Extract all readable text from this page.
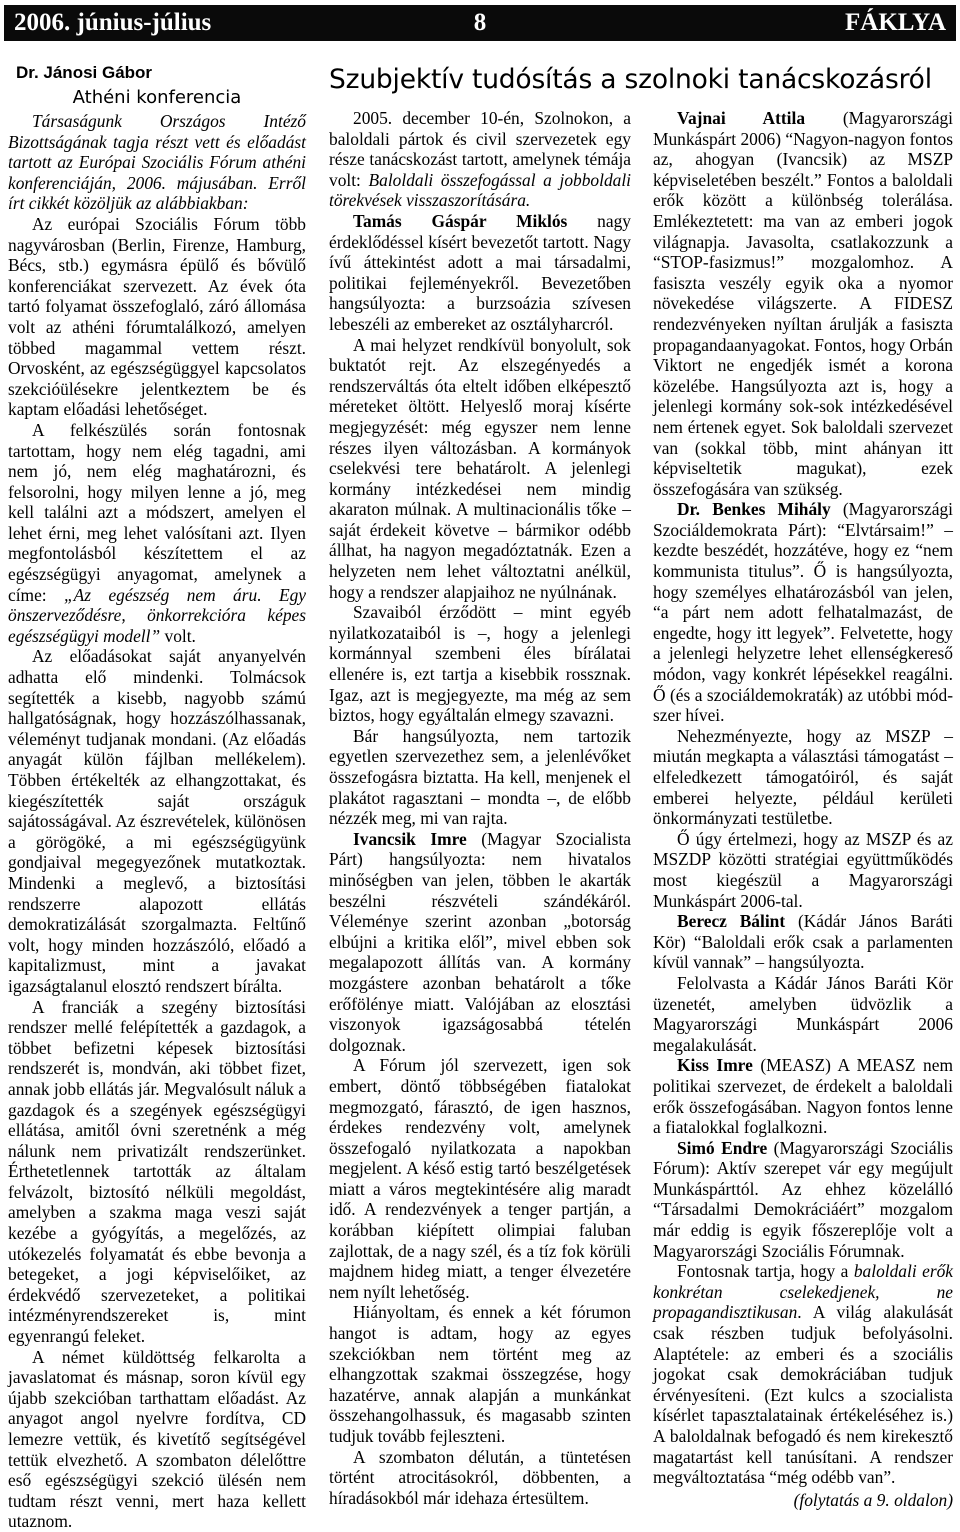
2006. június-július	8	FÁKLYA
Dr. Jánosi Gábor
Athéni konferencia

Társaságunk Országos Intéző Bizottságának tagja részt vett és előadást tartott az Európai Szociális Fórum athéni konferenciáján, 2006. májusában. Erről írt cikkét közöljük az alábbiakban:

Az európai Szociális Fórum több nagyvárosban (Berlin, Firenze, Hamburg, Bécs, stb.) egymásra épülő és bővülő konferenciákat szervezett. Az évek óta tartó folyamat összefoglaló, záró állomása volt az athéni fórumtalálkozó, amelyen többed magammal vettem részt. Orvosként, az egészségüggyel kapcsolatos szekcióülésekre jelentkeztem be és kaptam előadási lehetőséget.

A felkészülés során fontosnak tartottam, hogy nem elég tagadni, ami nem jó, nem elég maghatározni, és felsorolni, hogy milyen lenne a jó, meg kell találni azt a módszert, amelyen el lehet érni, meg lehet valósítani azt. Ilyen megfontolásból készítettem el az egészségügyi anyagomat, amelynek a címe: „Az egészség nem áru. Egy önszerveződésre, önkorrekcióra képes egészségügyi modell” volt.

Az előadásokat saját anyanyelvén adhatta elő mindenki. Tolmácsok segítették a kisebb, nagyobb számú hallgatóságnak, hogy hozzászólhassanak, véleményt tudjanak mondani. (Az előadás anyagát külön fájlban mellékelem). Többen értékelték az elhangzottakat, és kiegészítették saját országuk sajátosságával. Az észrevételek, különösen a görögöké, a mi egészségügyünk gondjaival megegyezőnek mutatkoztak. Mindenki a meglevő, a biztosítási rendszerre alapozott ellátás demokratizálását szorgalmazta. Feltűnő volt, hogy minden hozzászóló, előadó a kapitalizmust, mint a javakat igazságtalanul elosztó rendszert bírálta.

A franciák a szegény biztosítási rendszer mellé felépítették a gazdagok, a többet befizetni képesek biztosítási rendszerét is, mondván, aki többet fizet, annak jobb ellátás jár. Megvalósult náluk a gazdagok és a szegények egészségügyi ellátása, amitől óvni szeretnénk a még nálunk nem privatizált rendszerünket. Érthetetlennek tartották az általam felvázolt, biztosító nélküli megoldást, amelyben a szakma maga veszi saját kezébe a gyógyítás, a megelőzés, az utókezelés folyamatát és ebbe bevonja a betegeket, a jogi képviselőiket, az érdekvédő szervezeteket, a politikai intézményrendszereket is, mint egyenrangú feleket.

A német küldöttség felkarolta a javaslatomat és másnap, soron kívül egy újabb szekcióban tarthattam előadást. Az anyagot angol nyelvre fordítva, CD lemezre vettük, és kivetítő segítségével tettük elvezhető. A szombaton délelőttre eső egészségügyi szekció ülésén nem tudtam részt venni, mert haza kellett utaznom.

Szubjektív tudósítás a szolnoki tanácskozásról

2005. december 10-én, Szolnokon, a baloldali pártok és civil szervezetek egy része tanácskozást tartott, amelynek témája volt: Baloldali összefogással a jobboldali törekvések visszaszorítására.

Tamás Gáspár Miklós nagy érdeklődéssel kísért bevezetőt tartott. Nagy ívű áttekintést adott a mai társadalmi, politikai fejleményekről. Bevezetőben hangsúlyozta: a burzsoázia szívesen lebeszéli az embereket az osztályharcról.

A mai helyzet rendkívül bonyolult, sok buktatót rejt. Az elszegényedés a rendszerváltás óta eltelt időben elképesztő méreteket öltött. Helyeslő moraj kísérte megjegyzését: még egyszer nem lenne részes ilyen változásban. A kormányok cselekvési tere behatárolt. A jelenlegi kormány intézkedései nem mindig akaraton múlnak. A multinacionális tőke – saját érdekeit követve – bármikor odébb állhat, ha nagyon megadóztatnák. Ezen a helyzeten nem lehet változtatni anélkül, hogy a rendszer alapjaihoz ne nyúlnának.

Szavaiból érződött – mint egyéb nyilatkozataiból is –, hogy a jelenlegi kormánnyal szembeni éles bírálatai ellenére is, ezt tartja a kisebbik rossznak. Igaz, azt is megjegyezte, ma még az sem biztos, hogy egyáltalán elmegy szavazni.

Bár hangsúlyozta, nem tartozik egyetlen szervezethez sem, a jelenlévőket összefogásra biztatta. Ha kell, menjenek el plakátot ragasztani – mondta –, de előbb nézzék meg, mi van rajta.

Ivancsik Imre (Magyar Szocialista Párt) hangsúlyozta: nem hivatalos minőségben van jelen, többen le akarták beszélni részvételi szándékáról. Véleménye szerint azonban „botorság elbújni a kritika elől”, mivel ebben sok megalapozott állítás van. A kormány mozgástere azonban behatárolt a tőke erőfölénye miatt. Valójában az elosztási viszonyok igazságosabbá tételén dolgoznak.

A Fórum jól szervezett, igen sok embert, döntő többségében fiatalokat megmozgató, fárasztó, de igen hasznos, érdekes rendezvény volt, amelynek összefogaló nyilatkozata a napokban megjelent. A késő estig tartó beszélgetések miatt a város megtekintésére alig maradt idő. A rendezvények a tenger partján, a korábban kiépített olimpiai faluban zajlottak, de a nagy szél, és a tíz fok körüli majdnem hideg miatt, a tenger élvezetére nem nyílt lehetőség.

Hiányoltam, és ennek a két fórumon hangot is adtam, hogy az egyes szekciókban nem történt meg az elhangzottak szakmai összegzése, hogy hazatérve, annak alapján a munkánkat összehangolhassuk, és magasabb szinten tudjuk tovább fejleszteni.

A szombaton délután, a tüntetésen történt atrocitásokról, döbbenten, a híradásokból már idehaza értesültem.

Vajnai Attila (Magyarországi Munkáspárt 2006) “Nagyon-nagyon fontos az, ahogyan (Ivancsik) az MSZP képviseletében beszélt.” Fontos a baloldali erők között a különbség tolerálása. Emlékeztetett: ma van az emberi jogok világnapja. Javasolta, csatlakozzunk a “STOP-fasizmus!” mozgalomhoz. A fasiszta veszély egyik oka a nyomor növekedése világszerte. A FIDESZ rendezvényeken nyíltan árulják a fasiszta propagandaanyagokat. Fontos, hogy Orbán Viktort ne engedjék ismét a korona közelébe. Hangsúlyozta azt is, hogy a jelenlegi kormány sok-sok intézkedésével nem értenek egyet. Sok baloldali szervezet van (sokkal több, mint ahányan itt képviseltetik magukat), ezek összefogására van szükség.

Dr. Benkes Mihály (Magyarországi Szociáldemokrata Párt): “Elvtársaim!” – kezdte beszédét, hozzátéve, hogy ez “nem kommunista titulus”. Ő is hangsúlyozta, hogy személyes elhatározásból van jelen, “a párt nem adott felhatalmazást, de engedte, hogy itt legyek”. Felvetette, hogy a jelenlegi helyzetre lehet ellenségkereső módon, vagy konkrét lépésekkel reagálni. Ő (és a szociáldemokraták) az utóbbi módszer hívei.

Nehezményezte, hogy az MSZP – miután megkapta a választási támogatást – elfeledkezett támogatóiról, és saját emberei helyezte, például kerületi önkormányzati testületbe.

Ő úgy értelmezi, hogy az MSZP és az MSZDP közötti stratégiai együttműködés most kiegészül a Magyarországi Munkáspárt 2006-tal.

Berecz Bálint (Kádár János Baráti Kör) “Baloldali erők csak a parlamenten kívül vannak” – hangsúlyozta.

Felolvasta a Kádár János Baráti Kör üzenetét, amelyben üdvözlik a Magyarországi Munkáspárt 2006 megalakulását.

Kiss Imre (MEASZ) A MEASZ nem politikai szervezet, de érdekelt a baloldali erők összefogásában. Nagyon fontos lenne a fiatalokkal foglalkozni.

Simó Endre (Magyarországi Szociális Fórum): Aktív szerepet vár egy megújult Munkáspárttól. Az ehhez közelálló “Társadalmi Demokráciáért” mozgalom már eddig is egyik főszereplője volt a Magyarországi Szociális Fórumnak.

Fontosnak tartja, hogy a baloldali erők konkrétan cselekedjenek, ne propagandisztikusan. A világ alakulását csak részben tudjuk befolyásolni. Alaptétele: az emberi és a szociális jogokat csak demokráciában tudjuk érvényesíteni. (Ezt kulcs a szocialista kísérlet tapasztalatainak értékeléséhez is.) A baloldalnak befogadó és nem kirekesztő magatartást kell tanúsítani. A rendszer megváltoztatása “még odébb van”.

(folytatás a 9. oldalon)
